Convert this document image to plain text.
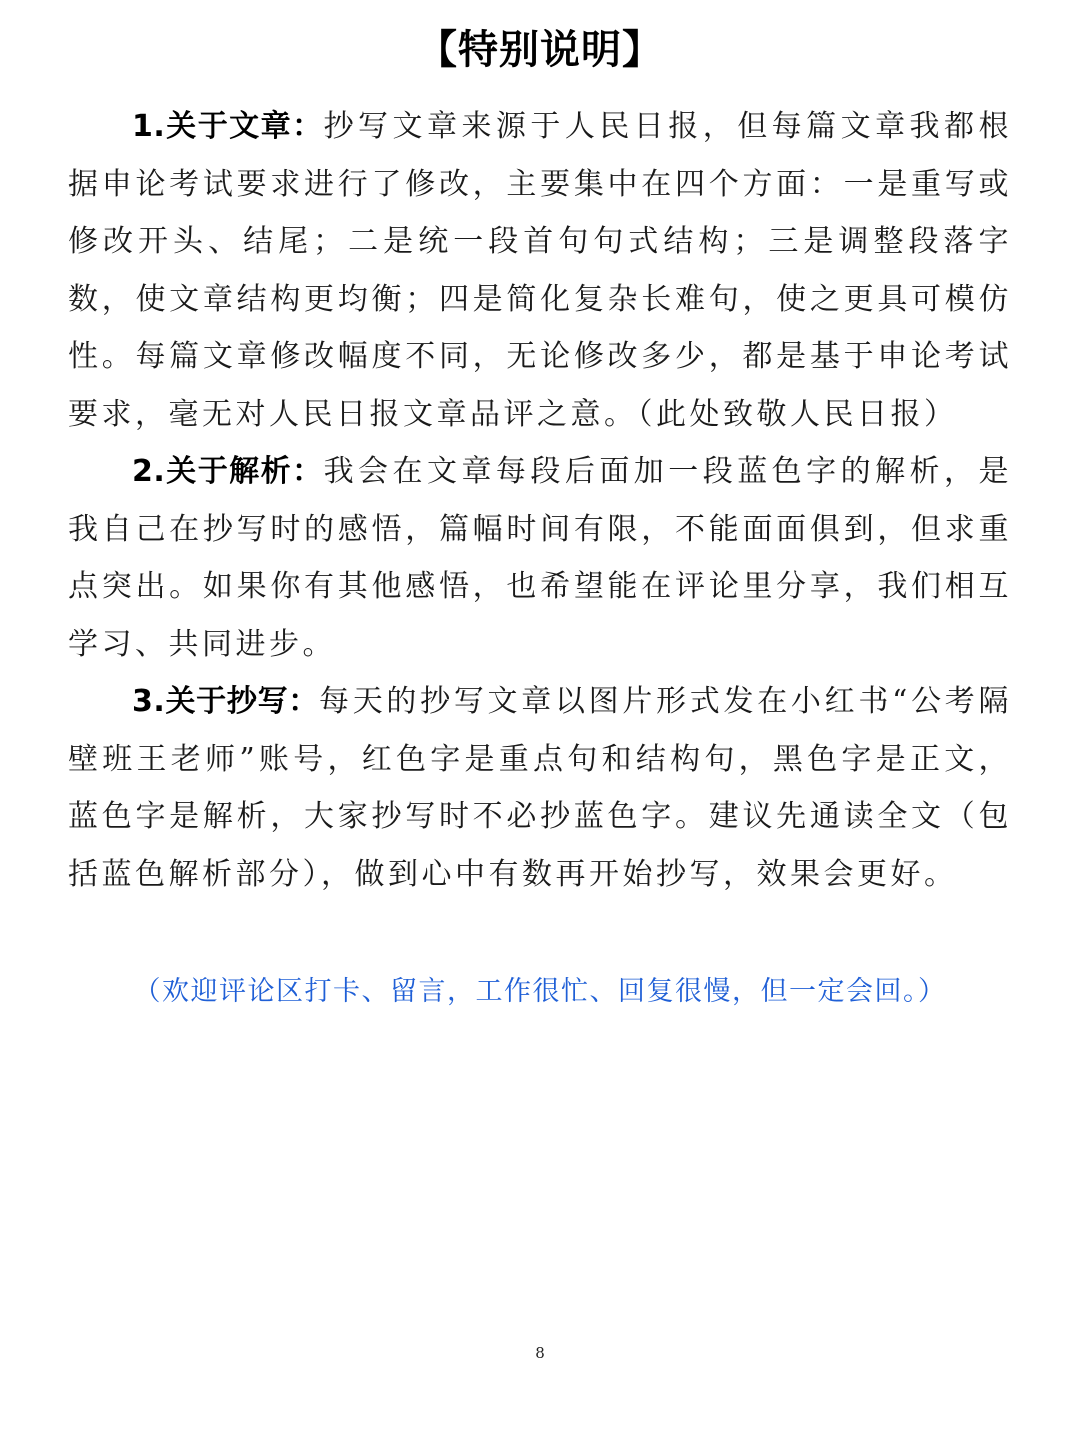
【特别说明】

1.关于文章：抄写文章来源于人民日报，但每篇文章我都根据申论考试要求进行了修改，主要集中在四个方面：一是重写或修改开头、结尾；二是统一段首句句式结构；三是调整段落字数，使文章结构更均衡；四是简化复杂长难句，使之更具可模仿性。每篇文章修改幅度不同，无论修改多少，都是基于申论考试要求，毫无对人民日报文章品评之意。（此处致敬人民日报）

2.关于解析：我会在文章每段后面加一段蓝色字的解析，是我自己在抄写时的感悟，篇幅时间有限，不能面面俱到，但求重点突出。如果你有其他感悟，也希望能在评论里分享，我们相互学习、共同进步。

3.关于抄写：每天的抄写文章以图片形式发在小红书“公考隔壁班王老师”账号，红色字是重点句和结构句，黑色字是正文，蓝色字是解析，大家抄写时不必抄蓝色字。建议先通读全文（包括蓝色解析部分），做到心中有数再开始抄写，效果会更好。

（欢迎评论区打卡、留言，工作很忙、回复很慢，但一定会回。）
8
